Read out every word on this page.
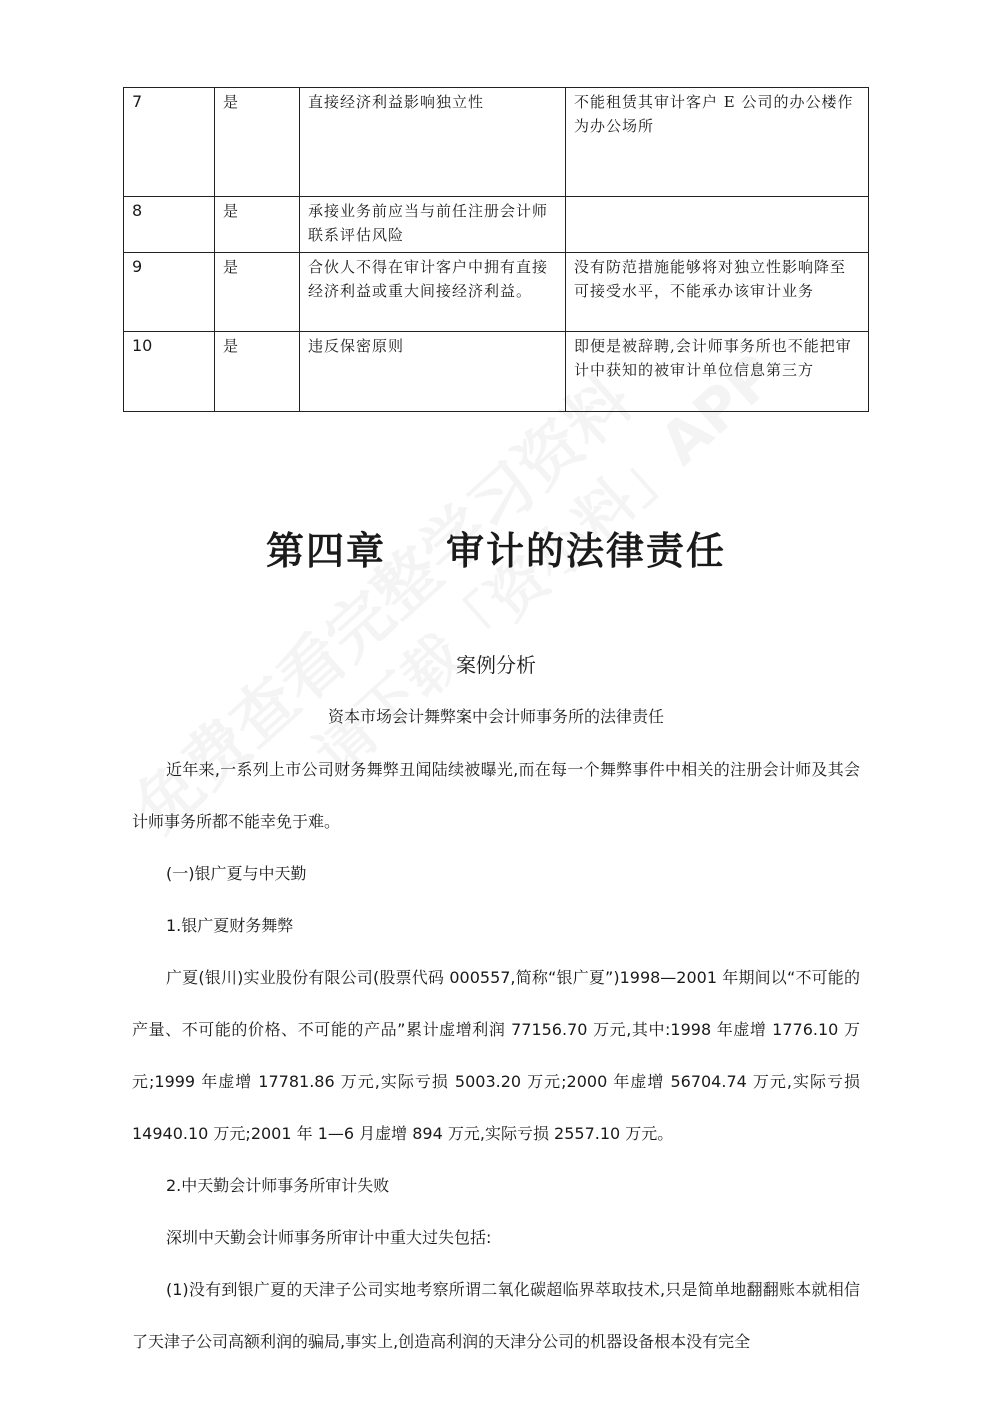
7	是	直接经济利益影响独立性	不能租赁其审计客户 E 公司的办公楼作为办公场所
8	是	承接业务前应当与前任注册会计师联系评估风险	
9	是	合伙人不得在审计客户中拥有直接经济利益或重大间接经济利益。	没有防范措施能够将对独立性影响降至可接受水平，不能承办该审计业务
10	是	违反保密原则	即便是被辞聘,会计师事务所也不能把审计中获知的被审计单位信息第三方
第四章 审计的法律责任
案例分析
资本市场会计舞弊案中会计师事务所的法律责任

近年来,一系列上市公司财务舞弊丑闻陆续被曝光,而在每一个舞弊事件中相关的注册会计师及其会计师事务所都不能幸免于难。

(一)银广夏与中天勤

1.银广夏财务舞弊

广夏(银川)实业股份有限公司(股票代码 000557,简称“银广夏”)1998—2001 年期间以“不可能的产量、不可能的价格、不可能的产品”累计虚增利润 77156.70 万元,其中:1998 年虚增 1776.10 万元;1999 年虚增 17781.86 万元,实际亏损 5003.20 万元;2000 年虚增 56704.74 万元,实际亏损 14940.10 万元;2001 年 1—6 月虚增 894 万元,实际亏损 2557.10 万元。

2.中天勤会计师事务所审计失败

深圳中天勤会计师事务所审计中重大过失包括:

(1)没有到银广夏的天津子公司实地考察所谓二氧化碳超临界萃取技术,只是简单地翻翻账本就相信了天津子公司高额利润的骗局,事实上,创造高利润的天津分公司的机器设备根本没有完全
